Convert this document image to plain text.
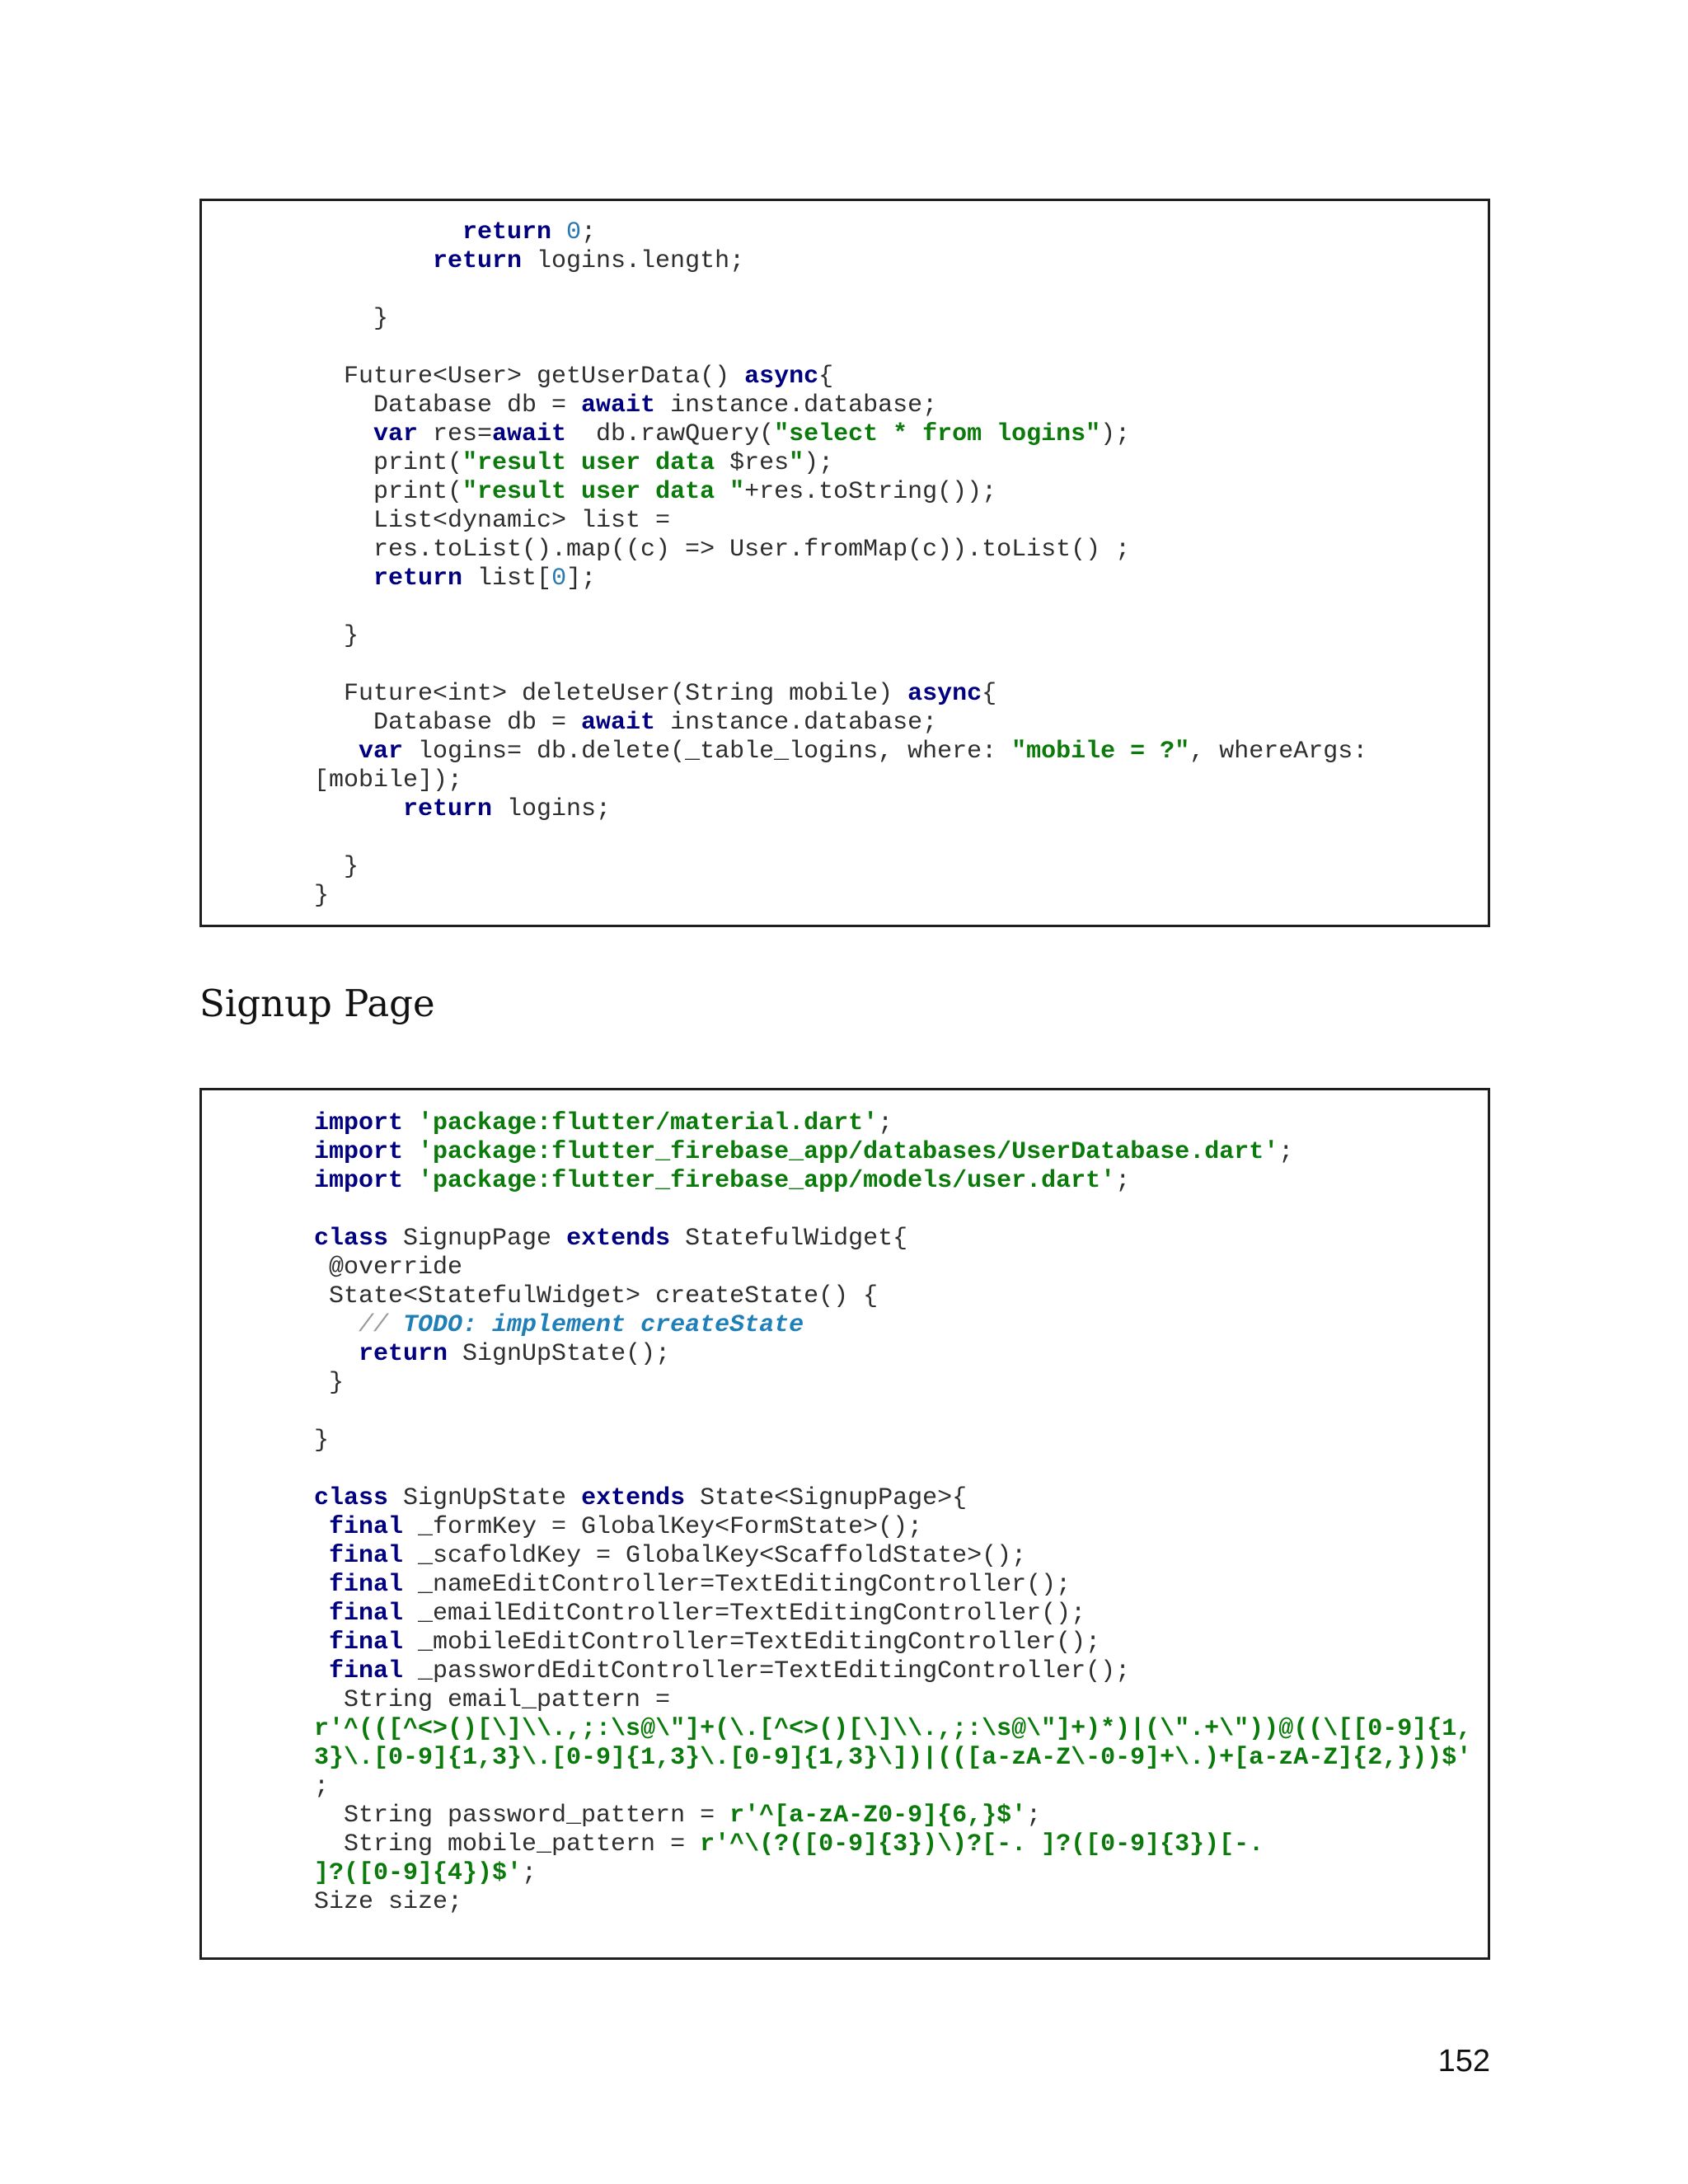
return 0;
return logins.length;
}
Future<User> getUserData() async{
Database db = await instance.database;
var res=await  db.rawQuery("select * from logins");
print("result user data $res");
print("result user data "+res.toString());
List<dynamic> list =
res.toList().map((c) => User.fromMap(c)).toList() ;
return list[0];
}
Future<int> deleteUser(String mobile) async{
Database db = await instance.database;
var logins= db.delete(_table_logins, where: "mobile = ?", whereArgs:
[mobile]);
return logins;
}
}
Signup Page
import 'package:flutter/material.dart';
import 'package:flutter_firebase_app/databases/UserDatabase.dart';
import 'package:flutter_firebase_app/models/user.dart';
class SignupPage extends StatefulWidget{
@override
State<StatefulWidget> createState() {
// TODO: implement createState
return SignUpState();
}
}
class SignUpState extends State<SignupPage>{
final _formKey = GlobalKey<FormState>();
final _scafoldKey = GlobalKey<ScaffoldState>();
final _nameEditController=TextEditingController();
final _emailEditController=TextEditingController();
final _mobileEditController=TextEditingController();
final _passwordEditController=TextEditingController();
String email_pattern =
r'^(([^<>()[\]\\.,;:\s@\"]+(\.[^<>()[\]\\.,;:\s@\"]+)*)|(\".+\"))@((\[[0-9]{1,
3}\.[0-9]{1,3}\.[0-9]{1,3}\.[0-9]{1,3}\])|(([a-zA-Z\-0-9]+\.)+[a-zA-Z]{2,}))$'
;
String password_pattern = r'^[a-zA-Z0-9]{6,}$';
String mobile_pattern = r'^\(?([0-9]{3})\)?[-. ]?([0-9]{3})[-.
]?([0-9]{4})$';
Size size;
152
